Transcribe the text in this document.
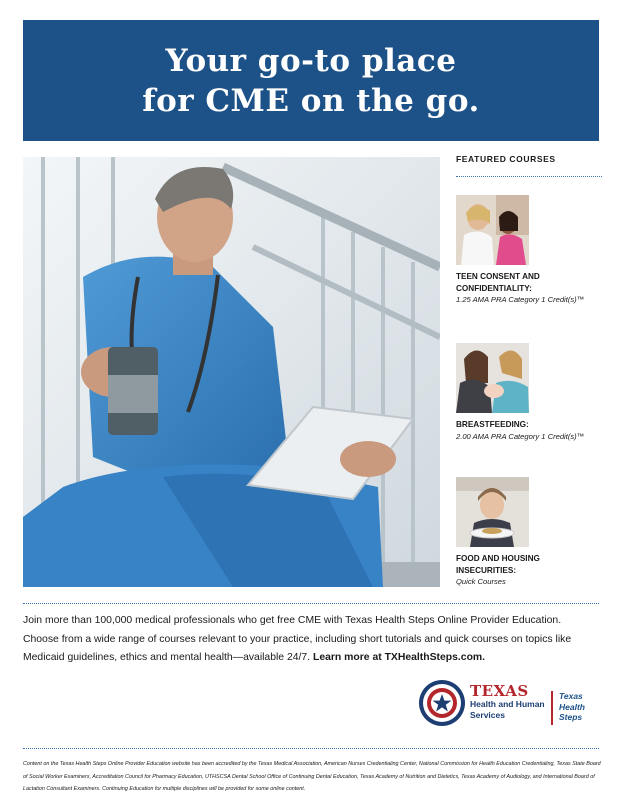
Your go-to place
for CME on the go.
FEATURED COURSES
TEEN CONSENT AND CONFIDENTIALITY:
1.25 AMA PRA Category 1 Credit(s)™
BREASTFEEDING:
2.00 AMA PRA Category 1 Credit(s)™
FOOD AND HOUSING INSECURITIES:
Quick Courses
Join more than 100,000 medical professionals who get free CME with Texas Health Steps Online Provider Education. Choose from a wide range of courses relevant to your practice, including short tutorials and quick courses on topics like Medicaid guidelines, ethics and mental health—available 24/7. Learn more at TXHealthSteps.com.
TEXAS
Health and Human
Services
Texas
Health
Steps
Content on the Texas Health Steps Online Provider Education website has been accredited by the Texas Medical Association, American Nurses Credentialing Center, National Commission for Health Education Credentialing, Texas State Board of Social Worker Examiners, Accreditation Council for Pharmacy Education, UTHSCSA Dental School Office of Continuing Dental Education, Texas Academy of Nutrition and Dietetics, Texas Academy of Audiology, and International Board of Lactation Consultant Examiners. Continuing Education for multiple disciplines will be provided for some online content.
